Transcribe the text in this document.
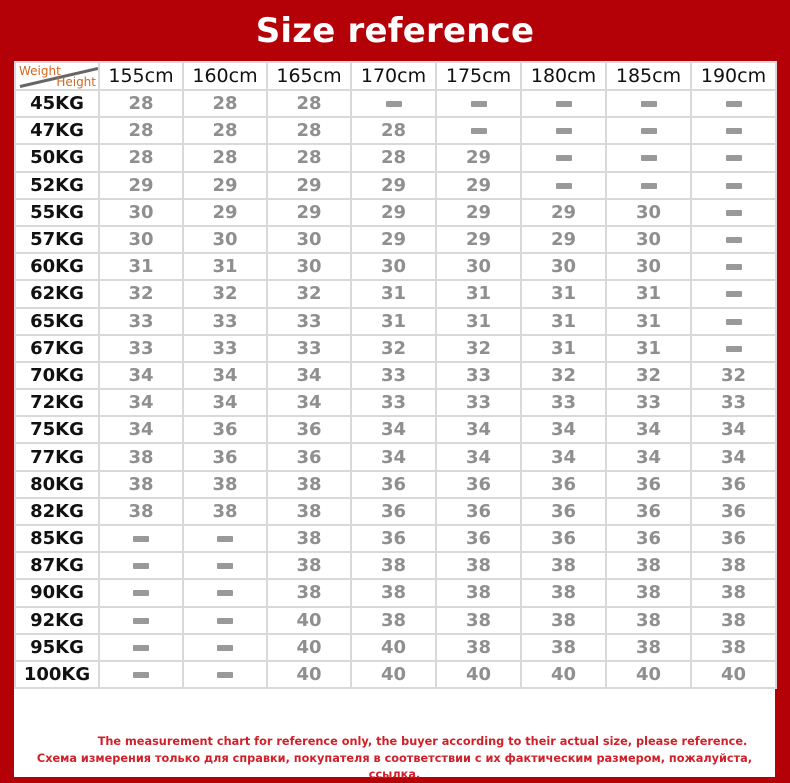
Size reference
Weight
Height	155cm	160cm	165cm	170cm	175cm	180cm	185cm	190cm
45KG	28	28	28					
47KG	28	28	28	28				
50KG	28	28	28	28	29			
52KG	29	29	29	29	29			
55KG	30	29	29	29	29	29	30	
57KG	30	30	30	29	29	29	30	
60KG	31	31	30	30	30	30	30	
62KG	32	32	32	31	31	31	31	
65KG	33	33	33	31	31	31	31	
67KG	33	33	33	32	32	31	31	
70KG	34	34	34	33	33	32	32	32
72KG	34	34	34	33	33	33	33	33
75KG	34	36	36	34	34	34	34	34
77KG	38	36	36	34	34	34	34	34
80KG	38	38	38	36	36	36	36	36
82KG	38	38	38	36	36	36	36	36
85KG			38	36	36	36	36	36
87KG			38	38	38	38	38	38
90KG			38	38	38	38	38	38
92KG			40	38	38	38	38	38
95KG			40	40	38	38	38	38
100KG			40	40	40	40	40	40
The measurement chart for reference only, the buyer according to their actual size, please reference.
Схема измерения только для справки, покупателя в соответствии с их фактическим размером, пожалуйста, ссылка.
